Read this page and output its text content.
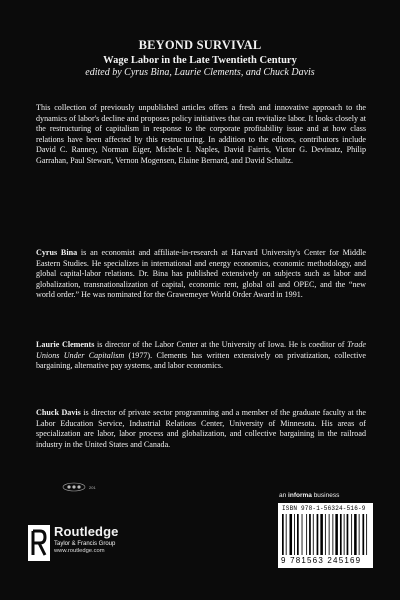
BEYOND SURVIVAL
Wage Labor in the Late Twentieth Century
edited by Cyrus Bina, Laurie Clements, and Chuck Davis
This collection of previously unpublished articles offers a fresh and innovative approach to the dynamics of labor's decline and proposes policy initiatives that can revitalize labor. It looks closely at the restructuring of capitalism in response to the corporate profitability issue and at how class relations have been affected by this restructuring. In addition to the editors, contributors include David C. Ranney, Norman Eiger, Michele I. Naples, David Fairris, Victor G. Devinatz, Philip Garrahan, Paul Stewart, Vernon Mogensen, Elaine Bernard, and David Schultz.
Cyrus Bina is an economist and affiliate-in-research at Harvard University's Center for Middle Eastern Studies. He specializes in international and energy economics, economic methodology, and global capital-labor relations. Dr. Bina has published extensively on subjects such as labor and globalization, transnationalization of capital, economic rent, global oil and OPEC, and the “new world order.” He was nominated for the Grawemeyer World Order Award in 1991.
Laurie Clements is director of the Labor Center at the University of Iowa. He is coeditor of Trade Unions Under Capitalism (1977). Clements has written extensively on privatization, collective bargaining, alternative pay systems, and labor economics.
Chuck Davis is director of private sector programming and a member of the graduate faculty at the Labor Education Service, Industrial Relations Center, University of Minnesota. His areas of specialization are labor, labor process and globalization, and collective bargaining in the railroad industry in the United States and Canada.
201
Routledge
Taylor & Francis Group
www.routledge.com
an informa business
ISBN 978-1-56324-516-9
9 781563 245169
